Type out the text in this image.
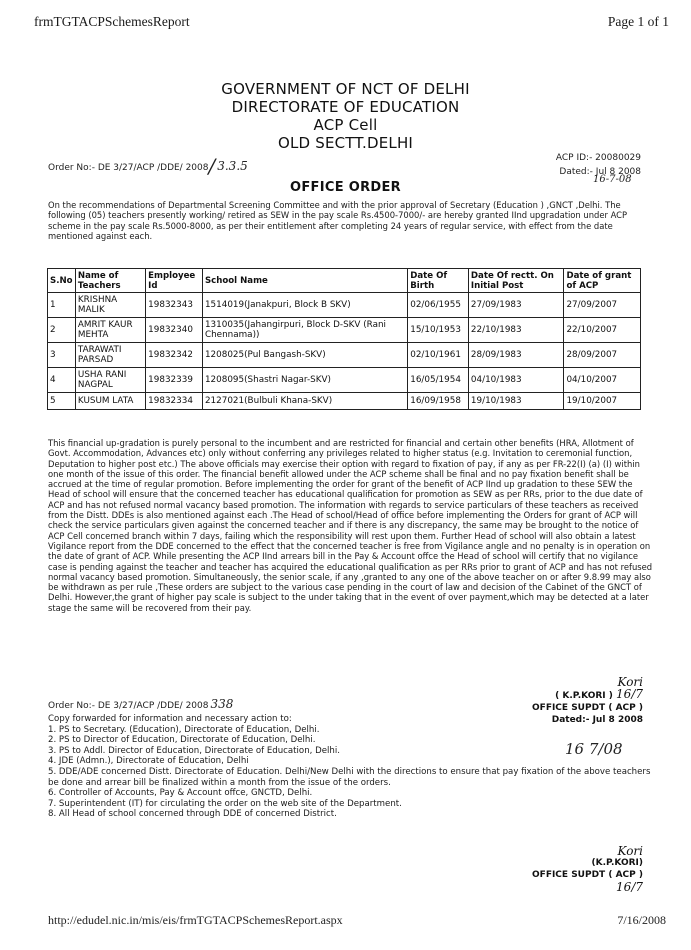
frmTGTACPSchemesReport	Page 1 of 1
GOVERNMENT OF NCT OF DELHI
DIRECTORATE OF EDUCATION
ACP Cell
OLD SECTT.DELHI
Order No:- DE 3/27/ACP /DDE/ 2008/ 3.3.5
ACP ID:- 20080029
Dated:- Jul 8 2008
16-7-08
OFFICE ORDER

On the recommendations of Departmental Screening Committee and with the prior approval of Secretary (Education ) ,GNCT ,Delhi. The following (05) teachers presently working/ retired as SEW in the pay scale Rs.4500-7000/- are hereby granted IInd upgradation under ACP scheme in the pay scale Rs.5000-8000, as per their entitlement after completing 24 years of regular service, with effect from the date mentioned against each.

S.No	Name of Teachers	Employee Id	School Name	Date Of Birth	Date Of rectt. On Initial Post	Date of grant of ACP
1	KRISHNA MALIK	19832343	1514019(Janakpuri, Block B SKV)	02/06/1955	27/09/1983	27/09/2007
2	AMRIT KAUR MEHTA	19832340	1310035(Jahangirpuri, Block D-SKV (Rani Chennama))	15/10/1953	22/10/1983	22/10/2007
3	TARAWATI PARSAD	19832342	1208025(Pul Bangash-SKV)	02/10/1961	28/09/1983	28/09/2007
4	USHA RANI NAGPAL	19832339	1208095(Shastri Nagar-SKV)	16/05/1954	04/10/1983	04/10/2007
5	KUSUM LATA	19832334	2127021(Bulbuli Khana-SKV)	16/09/1958	19/10/1983	19/10/2007

This financial up-gradation is purely personal to the incumbent and are restricted for financial and certain other benefits (HRA, Allotment of Govt. Accommodation, Advances etc) only without conferring any privileges related to higher status (e.g. Invitation to ceremonial function, Deputation to higher post etc.) The above officials may exercise their option with regard to fixation of pay, if any as per FR-22(I) (a) (I) within one month of the issue of this order. The financial benefit allowed under the ACP scheme shall be final and no pay fixation benefit shall be accrued at the time of regular promotion. Before implementing the order for grant of the benefit of ACP IInd up gradation to these SEW the Head of school will ensure that the concerned teacher has educational qualification for promotion as SEW as per RRs, prior to the due date of ACP and has not refused normal vacancy based promotion. The information with regards to service particulars of these teachers as received from the Distt. DDEs is also mentioned against each .The Head of school/Head of office before implementing the Orders for grant of ACP will check the service particulars given against the concerned teacher and if there is any discrepancy, the same may be brought to the notice of ACP Cell concerned branch within 7 days, failing which the responsibility will rest upon them. Further Head of school will also obtain a latest Vigilance report from the DDE concerned to the effect that the concerned teacher is free from Vigilance angle and no penalty is in operation on the date of grant of ACP. While presenting the ACP IInd arrears bill in the Pay & Account offce the Head of school will certify that no vigilance case is pending against the teacher and teacher has acquired the educational qualification as per RRs prior to grant of ACP and has not refused normal vacancy based promotion. Simultaneously, the senior scale, if any ,granted to any one of the above teacher on or after 9.8.99 may also be withdrawn as per rule ,These orders are subject to the various case pending in the court of law and decision of the Cabinet of the GNCT of Delhi. However,the grant of higher pay scale is subject to the under taking that in the event of over payment,which may be detected at a later stage the same will be recovered from their pay.

Kori
( K.P.KORI ) 16/7
OFFICE SUPDT ( ACP )
Dated:- Jul 8 2008
Order No:- DE 3/27/ACP /DDE/ 2008 338
16 7/08
Copy forwarded for information and necessary action to:
1. PS to Secretary. (Education), Directorate of Education, Delhi.
2. PS to Director of Education, Directorate of Education, Delhi.
3. PS to Addl. Director of Education, Directorate of Education, Delhi.
4. JDE (Admn.), Directorate of Education, Delhi
5. DDE/ADE concerned Distt. Directorate of Education. Delhi/New Delhi with the directions to ensure that pay fixation of the above teachers be done and arrear bill be finalized within a month from the issue of the orders.
6. Controller of Accounts, Pay & Account offce, GNCTD, Delhi.
7. Superintendent (IT) for circulating the order on the web site of the Department.
8. All Head of school concerned through DDE of concerned District.
Kori
(K.P.KORI)
OFFICE SUPDT ( ACP )
16/7
http://edudel.nic.in/mis/eis/frmTGTACPSchemesReport.aspx	7/16/2008
